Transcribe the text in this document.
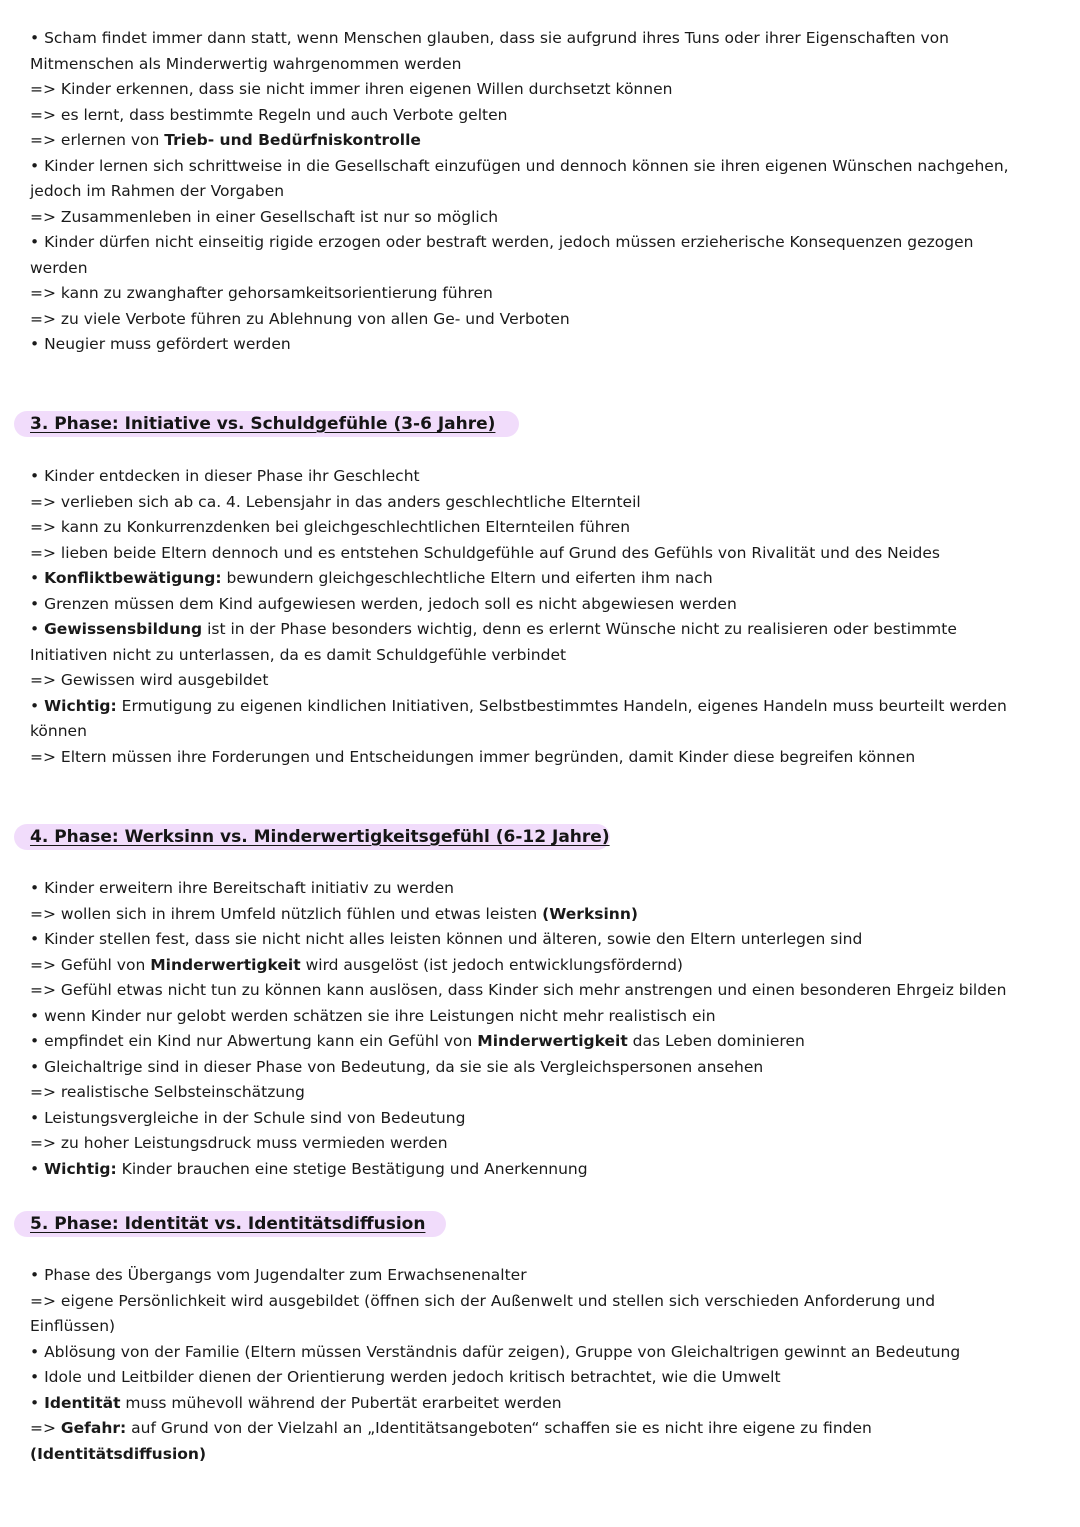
• Scham findet immer dann statt, wenn Menschen glauben, dass sie aufgrund ihres Tuns oder ihrer Eigenschaften von
Mitmenschen als Minderwertig wahrgenommen werden
=> Kinder erkennen, dass sie nicht immer ihren eigenen Willen durchsetzt können
=> es lernt, dass bestimmte Regeln und auch Verbote gelten
=> erlernen von Trieb- und Bedürfniskontrolle
• Kinder lernen sich schrittweise in die Gesellschaft einzufügen und dennoch können sie ihren eigenen Wünschen nachgehen,
jedoch im Rahmen der Vorgaben
=> Zusammenleben in einer Gesellschaft ist nur so möglich
• Kinder dürfen nicht einseitig rigide erzogen oder bestraft werden, jedoch müssen erzieherische Konsequenzen gezogen
werden
=> kann zu zwanghafter gehorsamkeitsorientierung führen
=> zu viele Verbote führen zu Ablehnung von allen Ge- und Verboten
• Neugier muss gefördert werden
3. Phase: Initiative vs. Schuldgefühle (3-6 Jahre)
• Kinder entdecken in dieser Phase ihr Geschlecht
=> verlieben sich ab ca. 4. Lebensjahr in das anders geschlechtliche Elternteil
=> kann zu Konkurrenzdenken bei gleichgeschlechtlichen Elternteilen führen
=> lieben beide Eltern dennoch und es entstehen Schuldgefühle auf Grund des Gefühls von Rivalität und des Neides
• Konfliktbewätigung: bewundern gleichgeschlechtliche Eltern und eiferten ihm nach
• Grenzen müssen dem Kind aufgewiesen werden, jedoch soll es nicht abgewiesen werden
• Gewissensbildung ist in der Phase besonders wichtig, denn es erlernt Wünsche nicht zu realisieren oder bestimmte
Initiativen nicht zu unterlassen, da es damit Schuldgefühle verbindet
=> Gewissen wird ausgebildet
• Wichtig: Ermutigung zu eigenen kindlichen Initiativen, Selbstbestimmtes Handeln, eigenes Handeln muss beurteilt werden
können
=> Eltern müssen ihre Forderungen und Entscheidungen immer begründen, damit Kinder diese begreifen können
4. Phase: Werksinn vs. Minderwertigkeitsgefühl (6-12 Jahre)
• Kinder erweitern ihre Bereitschaft initiativ zu werden
=> wollen sich in ihrem Umfeld nützlich fühlen und etwas leisten (Werksinn)
• Kinder stellen fest, dass sie nicht nicht alles leisten können und älteren, sowie den Eltern unterlegen sind
=> Gefühl von Minderwertigkeit wird ausgelöst (ist jedoch entwicklungsfördernd)
=> Gefühl etwas nicht tun zu können kann auslösen, dass Kinder sich mehr anstrengen und einen besonderen Ehrgeiz bilden
• wenn Kinder nur gelobt werden schätzen sie ihre Leistungen nicht mehr realistisch ein
• empfindet ein Kind nur Abwertung kann ein Gefühl von Minderwertigkeit das Leben dominieren
• Gleichaltrige sind in dieser Phase von Bedeutung, da sie sie als Vergleichspersonen ansehen
=> realistische Selbsteinschätzung
• Leistungsvergleiche in der Schule sind von Bedeutung
=> zu hoher Leistungsdruck muss vermieden werden
• Wichtig: Kinder brauchen eine stetige Bestätigung und Anerkennung
5. Phase: Identität vs. Identitätsdiffusion
• Phase des Übergangs vom Jugendalter zum Erwachsenenalter
=> eigene Persönlichkeit wird ausgebildet (öffnen sich der Außenwelt und stellen sich verschieden Anforderung und
Einflüssen)
• Ablösung von der Familie (Eltern müssen Verständnis dafür zeigen), Gruppe von Gleichaltrigen gewinnt an Bedeutung
• Idole und Leitbilder dienen der Orientierung werden jedoch kritisch betrachtet, wie die Umwelt
• Identität muss mühevoll während der Pubertät erarbeitet werden
=> Gefahr: auf Grund von der Vielzahl an „Identitätsangeboten“ schaffen sie es nicht ihre eigene zu finden
(Identitätsdiffusion)
